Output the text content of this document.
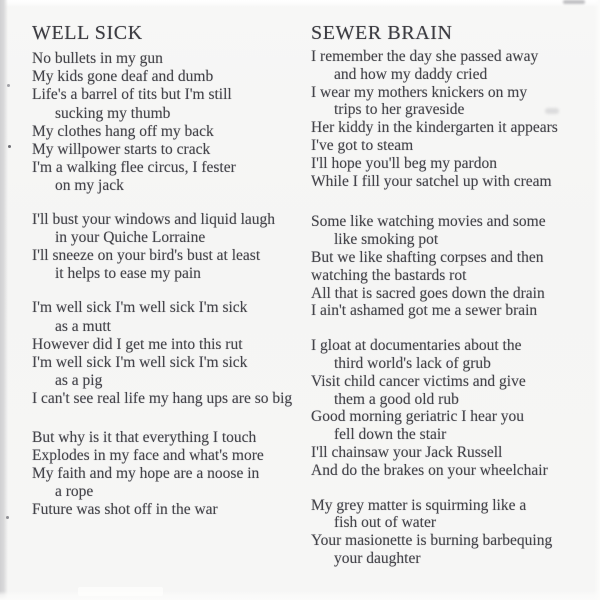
WELL SICK
No bullets in my gun
My kids gone deaf and dumb
Life's a barrel of tits but I'm still
sucking my thumb
My clothes hang off my back
My willpower starts to crack
I'm a walking flee circus, I fester
on my jack
I'll bust your windows and liquid laugh
in your Quiche Lorraine
I'll sneeze on your bird's bust at least
it helps to ease my pain
I'm well sick I'm well sick I'm sick
as a mutt
However did I get me into this rut
I'm well sick I'm well sick I'm sick
as a pig
I can't see real life my hang ups are so big
But why is it that everything I touch
Explodes in my face and what's more
My faith and my hope are a noose in
a rope
Future was shot off in the war
SEWER BRAIN
I remember the day she passed away
and how my daddy cried
I wear my mothers knickers on my
trips to her graveside
Her kiddy in the kindergarten it appears
I've got to steam
I'll hope you'll beg my pardon
While I fill your satchel up with cream
Some like watching movies and some
like smoking pot
But we like shafting corpses and then
watching the bastards rot
All that is sacred goes down the drain
I ain't ashamed got me a sewer brain
I gloat at documentaries about the
third world's lack of grub
Visit child cancer victims and give
them a good old rub
Good morning geriatric I hear you
fell down the stair
I'll chainsaw your Jack Russell
And do the brakes on your wheelchair
My grey matter is squirming like a
fish out of water
Your masionette is burning barbequing
your daughter
